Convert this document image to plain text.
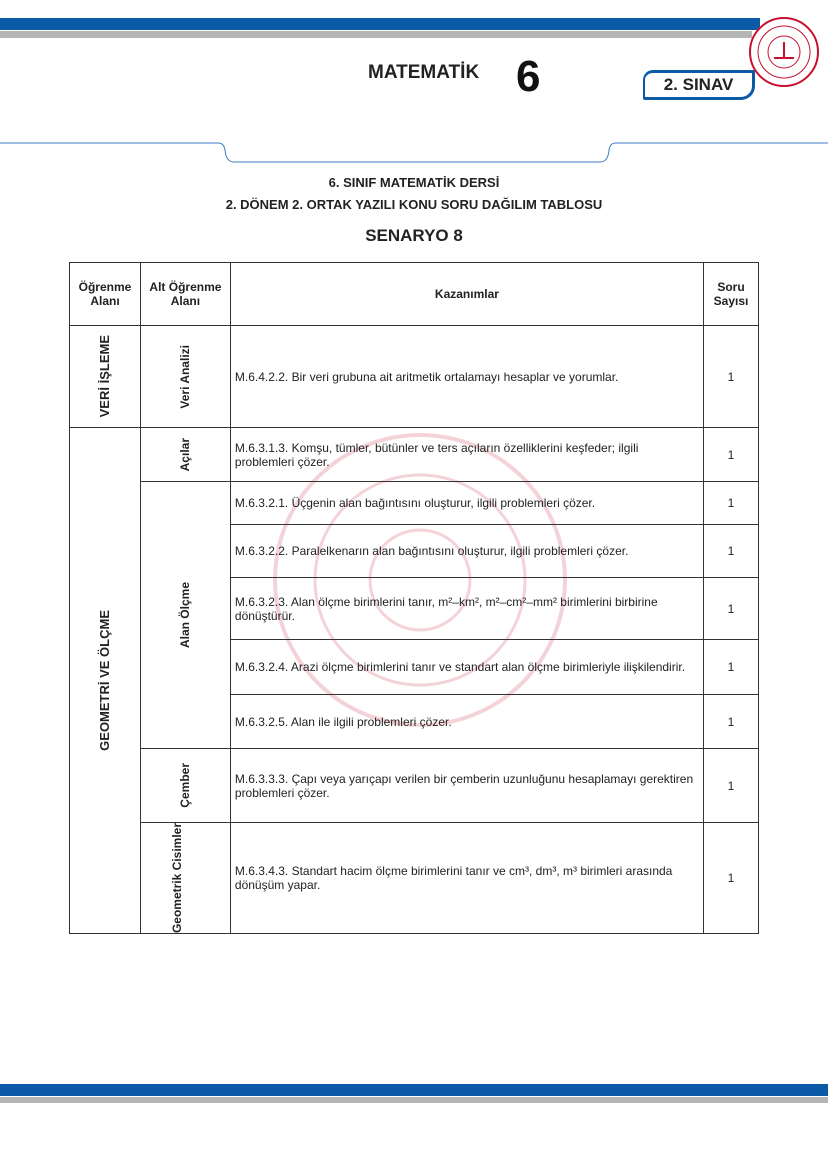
MATEMATİK 6	2. SINAV
6. SINIF MATEMATİK DERSİ
2. DÖNEM 2. ORTAK YAZILI KONU SORU DAĞILIM TABLOSU
SENARYO 8
Öğrenme Alanı	Alt Öğrenme Alanı	Kazanımlar	Soru Sayısı

VERİ İŞLEME	Veri Analizi	M.6.4.2.2. Bir veri grubuna ait aritmetik ortalamayı hesaplar ve yorumlar.	1

GEOMETRİ VE ÖLÇME	Açılar	M.6.3.1.3. Komşu, tümler, bütünler ve ters açıların özelliklerini keşfeder; ilgili problemleri çözer.	1

	Alan Ölçme	M.6.3.2.1. Üçgenin alan bağıntısını oluşturur, ilgili problemleri çözer.	1
		M.6.3.2.2. Paralelkenarın alan bağıntısını oluşturur, ilgili problemleri çözer.	1
		M.6.3.2.3. Alan ölçme birimlerini tanır, m²–km², m²–cm²–mm² birimlerini birbirine dönüştürür.	1
		M.6.3.2.4. Arazi ölçme birimlerini tanır ve standart alan ölçme birimleriyle ilişkilendirir.	1
		M.6.3.2.5. Alan ile ilgili problemleri çözer.	1

	Çember	M.6.3.3.3. Çapı veya yarıçapı verilen bir çemberin uzunluğunu hesaplamayı gerektiren problemleri çözer.	1

	Geometrik Cisimler	M.6.3.4.3. Standart hacim ölçme birimlerini tanır ve cm³, dm³, m³ birimleri arasında dönüşüm yapar.	1
